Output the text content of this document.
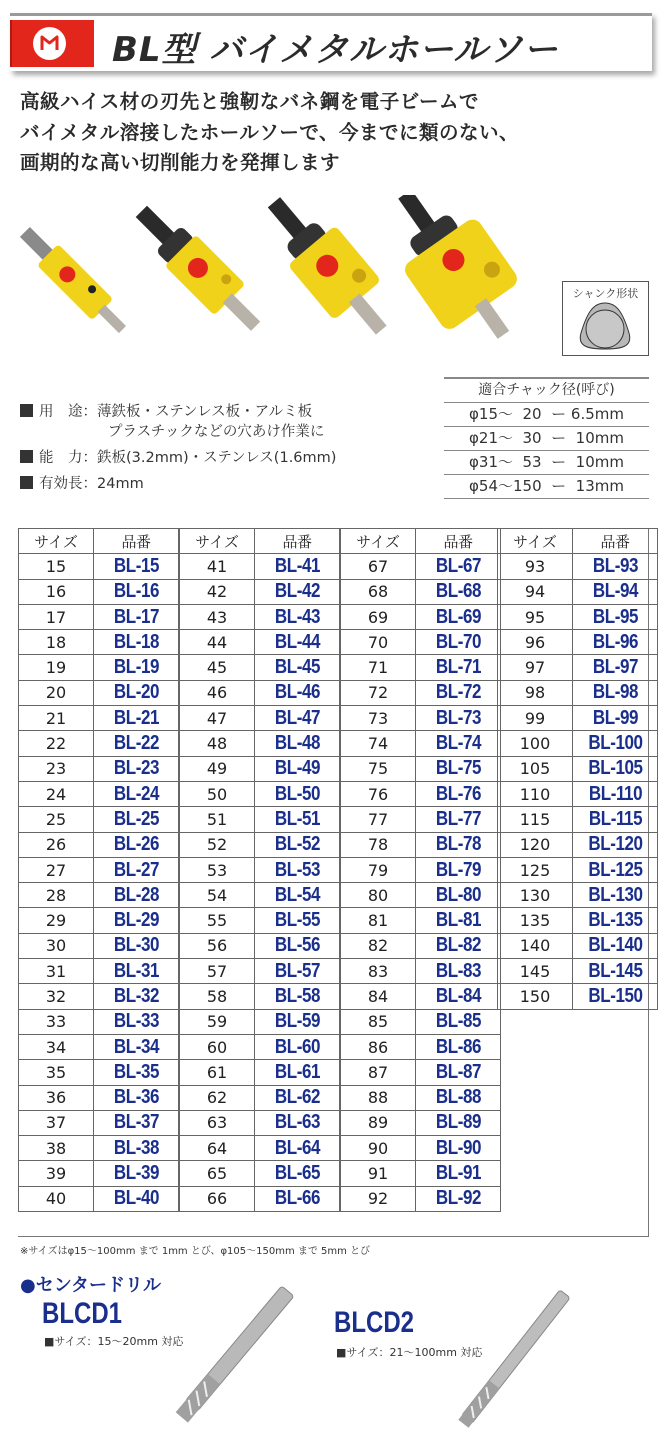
BL型 バイメタルホールソー
高級ハイス材の刃先と強靭なバネ鋼を電子ビームで
バイメタル溶接したホールソーで、今までに類のない、
画期的な高い切削能力を発揮します
シャンク形状
用　途：薄鉄板・ステンレス板・アルミ板
プラスチックなどの穴あけ作業に
能　力：鉄板(3.2mm)・ステンレス(1.6mm)
有効長：24mm
適合チャック径(呼び)
φ15～  20  ー 6.5mm
φ21～  30  ー  10mm
φ31～  53  ー  10mm
φ54～150  ー  13mm
サイズ	品番
15	BL-15
16	BL-16
17	BL-17
18	BL-18
19	BL-19
20	BL-20
21	BL-21
22	BL-22
23	BL-23
24	BL-24
25	BL-25
26	BL-26
27	BL-27
28	BL-28
29	BL-29
30	BL-30
31	BL-31
32	BL-32
33	BL-33
34	BL-34
35	BL-35
36	BL-36
37	BL-37
38	BL-38
39	BL-39
40	BL-40
サイズ	品番
41	BL-41
42	BL-42
43	BL-43
44	BL-44
45	BL-45
46	BL-46
47	BL-47
48	BL-48
49	BL-49
50	BL-50
51	BL-51
52	BL-52
53	BL-53
54	BL-54
55	BL-55
56	BL-56
57	BL-57
58	BL-58
59	BL-59
60	BL-60
61	BL-61
62	BL-62
63	BL-63
64	BL-64
65	BL-65
66	BL-66
サイズ	品番
67	BL-67
68	BL-68
69	BL-69
70	BL-70
71	BL-71
72	BL-72
73	BL-73
74	BL-74
75	BL-75
76	BL-76
77	BL-77
78	BL-78
79	BL-79
80	BL-80
81	BL-81
82	BL-82
83	BL-83
84	BL-84
85	BL-85
86	BL-86
87	BL-87
88	BL-88
89	BL-89
90	BL-90
91	BL-91
92	BL-92
サイズ	品番
93	BL-93
94	BL-94
95	BL-95
96	BL-96
97	BL-97
98	BL-98
99	BL-99
100	BL-100
105	BL-105
110	BL-110
115	BL-115
120	BL-120
125	BL-125
130	BL-130
135	BL-135
140	BL-140
145	BL-145
150	BL-150
※サイズはφ15～100mm まで 1mm とび、φ105～150mm まで 5mm とび
●センタードリル
BLCD1
■サイズ：15～20mm 対応
BLCD2
■サイズ：21～100mm 対応
